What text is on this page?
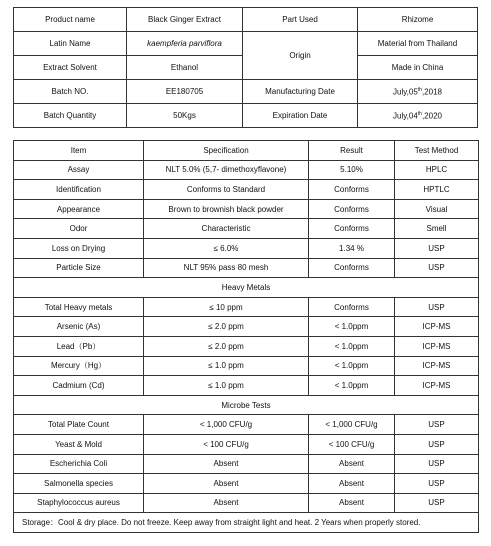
Product name	Black Ginger Extract	Part Used	Rhizome
Latin Name	kaempferia parviflora	Origin	Material from Thailand
Extract Solvent	Ethanol		Made in China
Batch NO.	EE180705	Manufacturing Date	July,05th,2018
Batch Quantity	50Kgs	Expiration Date	July,04th,2020
Item	Specification	Result	Test Method
Assay	NLT 5.0% (5,7- dimethoxyflavone)	5.10%	HPLC
Identification	Conforms to Standard	Conforms	HPTLC
Appearance	Brown to brownish black powder	Conforms	Visual
Odor	Characteristic	Conforms	Smell
Loss on Drying	≤ 6.0%	1.34 %	USP
Particle Size	NLT 95% pass 80 mesh	Conforms	USP
Heavy Metals			
Total Heavy metals	≤ 10 ppm	Conforms	USP
Arsenic (As)	≤ 2.0 ppm	< 1.0ppm	ICP-MS
Lead（Pb）	≤ 2.0 ppm	< 1.0ppm	ICP-MS
Mercury（Hg）	≤ 1.0 ppm	< 1.0ppm	ICP-MS
Cadmium (Cd)	≤ 1.0 ppm	< 1.0ppm	ICP-MS
Microbe Tests			
Total Plate Count	< 1,000 CFU/g	< 1,000 CFU/g	USP
Yeast & Mold	< 100 CFU/g	< 100 CFU/g	USP
Escherichia Coli	Absent	Absent	USP
Salmonella species	Absent	Absent	USP
Staphylococcus aureus	Absent	Absent	USP
Storage：Cool & dry place. Do not freeze. Keep away from straight light and heat. 2 Years when properly stored.			
